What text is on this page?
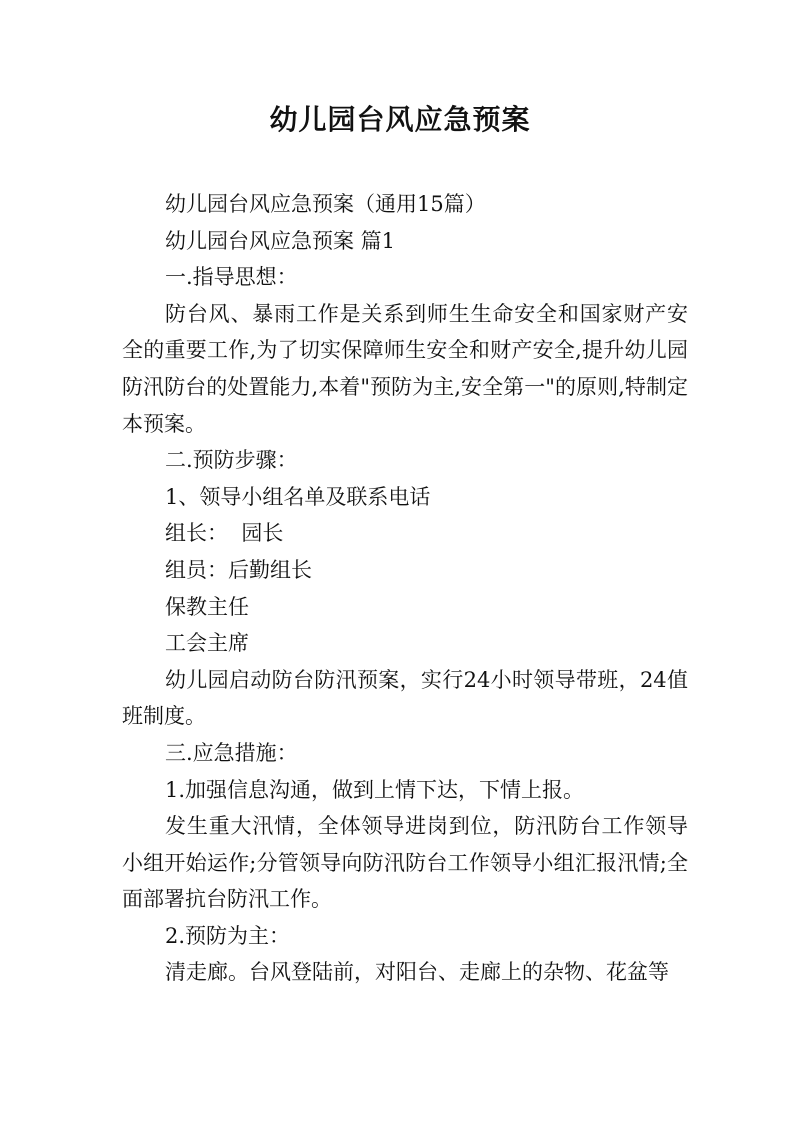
幼儿园台风应急预案

幼儿园台风应急预案（通用15篇）

幼儿园台风应急预案 篇1

一.指导思想：

防台风、暴雨工作是关系到师生生命安全和国家财产安全的重要工作,为了切实保障师生安全和财产安全,提升幼儿园防汛防台的处置能力,本着"预防为主,安全第一"的原则,特制定本预案。

二.预防步骤：

1、领导小组名单及联系电话

组长：  园长

组员：后勤组长

保教主任

工会主席

幼儿园启动防台防汛预案，实行24小时领导带班，24值班制度。

三.应急措施：

1.加强信息沟通，做到上情下达，下情上报。

发生重大汛情，全体领导进岗到位，防汛防台工作领导小组开始运作;分管领导向防汛防台工作领导小组汇报汛情;全面部署抗台防汛工作。

2.预防为主：

清走廊。台风登陆前，对阳台、走廊上的杂物、花盆等
